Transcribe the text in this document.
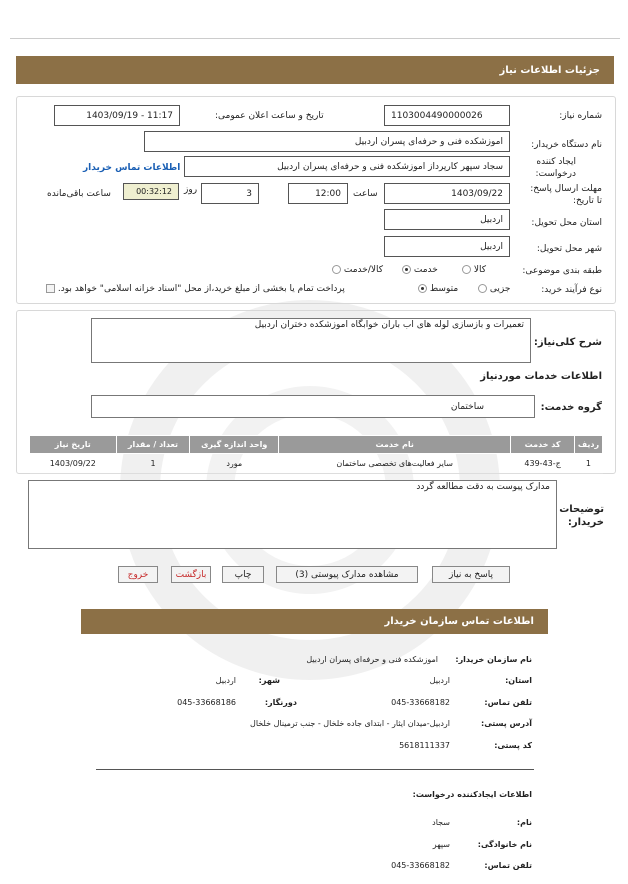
جزئیات اطلاعات نیاز
شماره نیاز:
1103004490000026
تاریخ و ساعت اعلان عمومی:
1403/09/19 - 11:17
نام دستگاه خریدار:
اموزشکده فنی و حرفه‌ای پسران اردبیل
ایجاد کننده
درخواست:
سجاد سپهر کارپرداز اموزشکده فنی و حرفه‌ای پسران اردبیل
اطلاعات تماس خریدار
مهلت ارسال پاسخ:
تا تاریخ:
1403/09/22
ساعت
12:00
3
روز
00:32:12
ساعت باقی‌مانده
استان محل تحویل:
اردبیل
شهر محل تحویل:
اردبیل
طبقه بندی موضوعی:
کالا
خدمت
کالا/خدمت
نوع فرآیند خرید:
جزیی
متوسط
پرداخت تمام یا بخشی از مبلغ خرید،از محل "اسناد خزانه اسلامی" خواهد بود.
شرح کلی‌نیاز:
تعمیرات و بازسازی لوله های اب باران خوابگاه اموزشکده دختران اردبیل
اطلاعات خدمات موردنیاز
گروه خدمت:
ساختمان
ردیف	کد خدمت	نام خدمت	واحد اندازه گیری	تعداد / مقدار	تاریخ نیاز
1	ج-43-439	سایر فعالیت‌های تخصصی ساختمان	مورد	1	1403/09/22
توضیحات
خریدار:
مدارک پیوست به دقت مطالعه گردد
پاسخ به نیاز
مشاهده مدارک پیوستی (3)
چاپ
بازگشت
خروج
اطلاعات تماس سازمان خریدار
نام سازمان خریدار:
اموزشکده فنی و حرفه‌ای پسران اردبیل
استان:
اردبیل
شهر:
اردبیل
تلفن تماس:
045-33668182
دورنگار:
045-33668186
آدرس پستی:
اردبیل-میدان ایثار - ابتدای جاده خلخال - جنب ترمینال خلخال
کد پستی:
5618111337
اطلاعات ایجادکننده درخواست:
نام:
سجاد
نام خانوادگی:
سپهر
تلفن تماس:
045-33668182
